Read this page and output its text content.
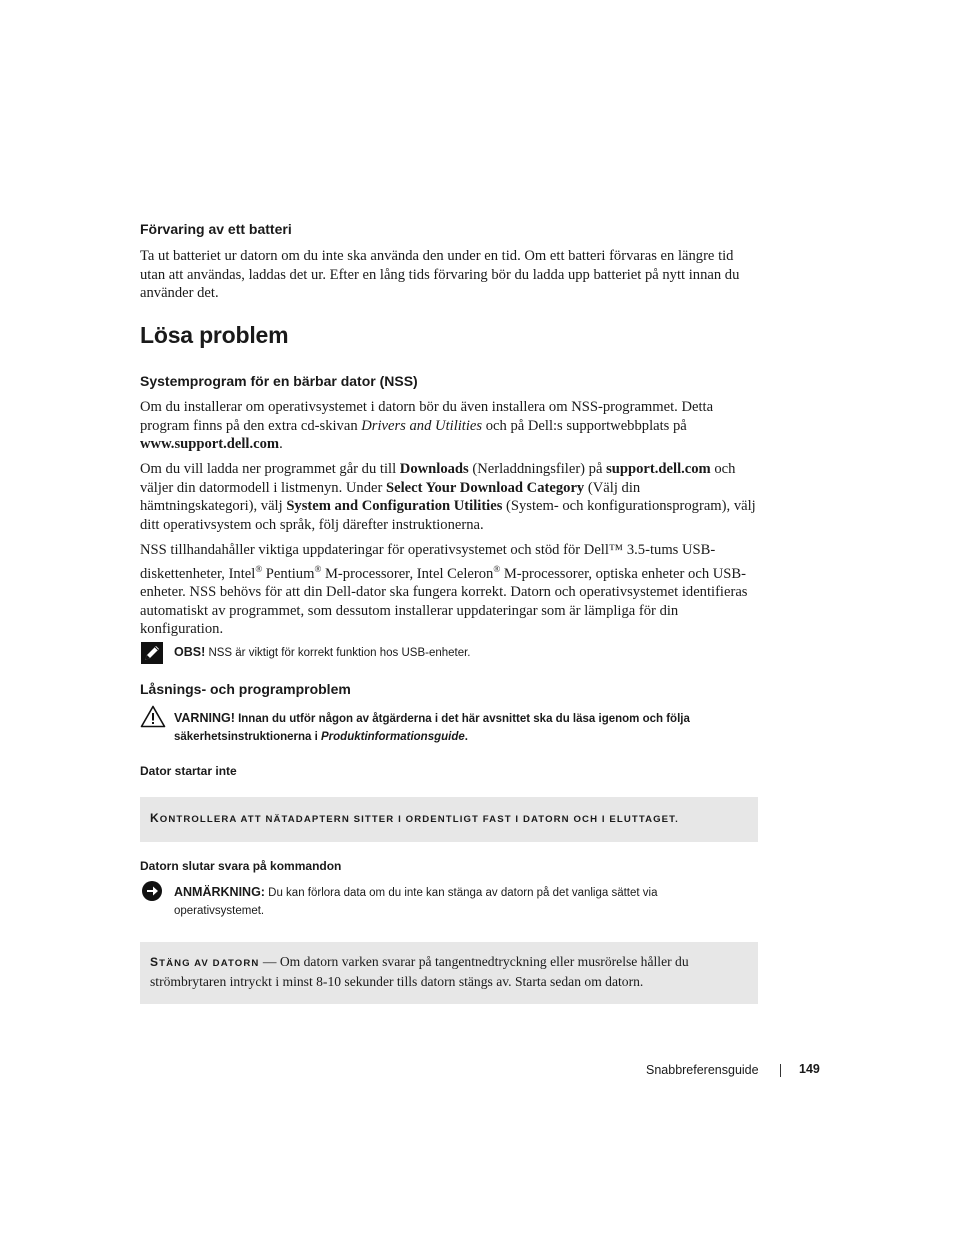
Förvaring av ett batteri

Ta ut batteriet ur datorn om du inte ska använda den under en tid. Om ett batteri förvaras en längre tid utan att användas, laddas det ur. Efter en lång tids förvaring bör du ladda upp batteriet på nytt innan du använder det.

Lösa problem
Systemprogram för en bärbar dator (NSS)

Om du installerar om operativsystemet i datorn bör du även installera om NSS-programmet. Detta program finns på den extra cd-skivan Drivers and Utilities och på Dell:s supportwebbplats på www.support.dell.com.

Om du vill ladda ner programmet går du till Downloads (Nerladdningsfiler) på support.dell.com och väljer din datormodell i listmenyn. Under Select Your Download Category (Välj din hämtningskategori), välj System and Configuration Utilities (System- och konfigurationsprogram), välj ditt operativsystem och språk, följ därefter instruktionerna.

NSS tillhandahåller viktiga uppdateringar för operativsystemet och stöd för Dell™ 3.5-tums USB-diskettenheter, Intel® Pentium® M-processorer, Intel Celeron® M-processorer, optiska enheter och USB-enheter. NSS behövs för att din Dell-dator ska fungera korrekt. Datorn och operativsystemet identifieras automatiskt av programmet, som dessutom installerar uppdateringar som är lämpliga för din konfiguration.

OBS! NSS är viktigt för korrekt funktion hos USB-enheter.
Låsnings- och programproblem
VARNING! Innan du utför någon av åtgärderna i det här avsnittet ska du läsa igenom och följa säkerhetsinstruktionerna i Produktinformationsguide.
Dator startar inte
KONTROLLERA ATT NÄTADAPTERN SITTER I ORDENTLIGT FAST I DATORN OCH I ELUTTAGET.
Datorn slutar svara på kommandon
ANMÄRKNING: Du kan förlora data om du inte kan stänga av datorn på det vanliga sättet via operativsystemet.
STÄNG AV DATORN — Om datorn varken svarar på tangentnedtryckning eller musrörelse håller du strömbrytaren intryckt i minst 8-10 sekunder tills datorn stängs av. Starta sedan om datorn.
Snabbreferensguide	149
